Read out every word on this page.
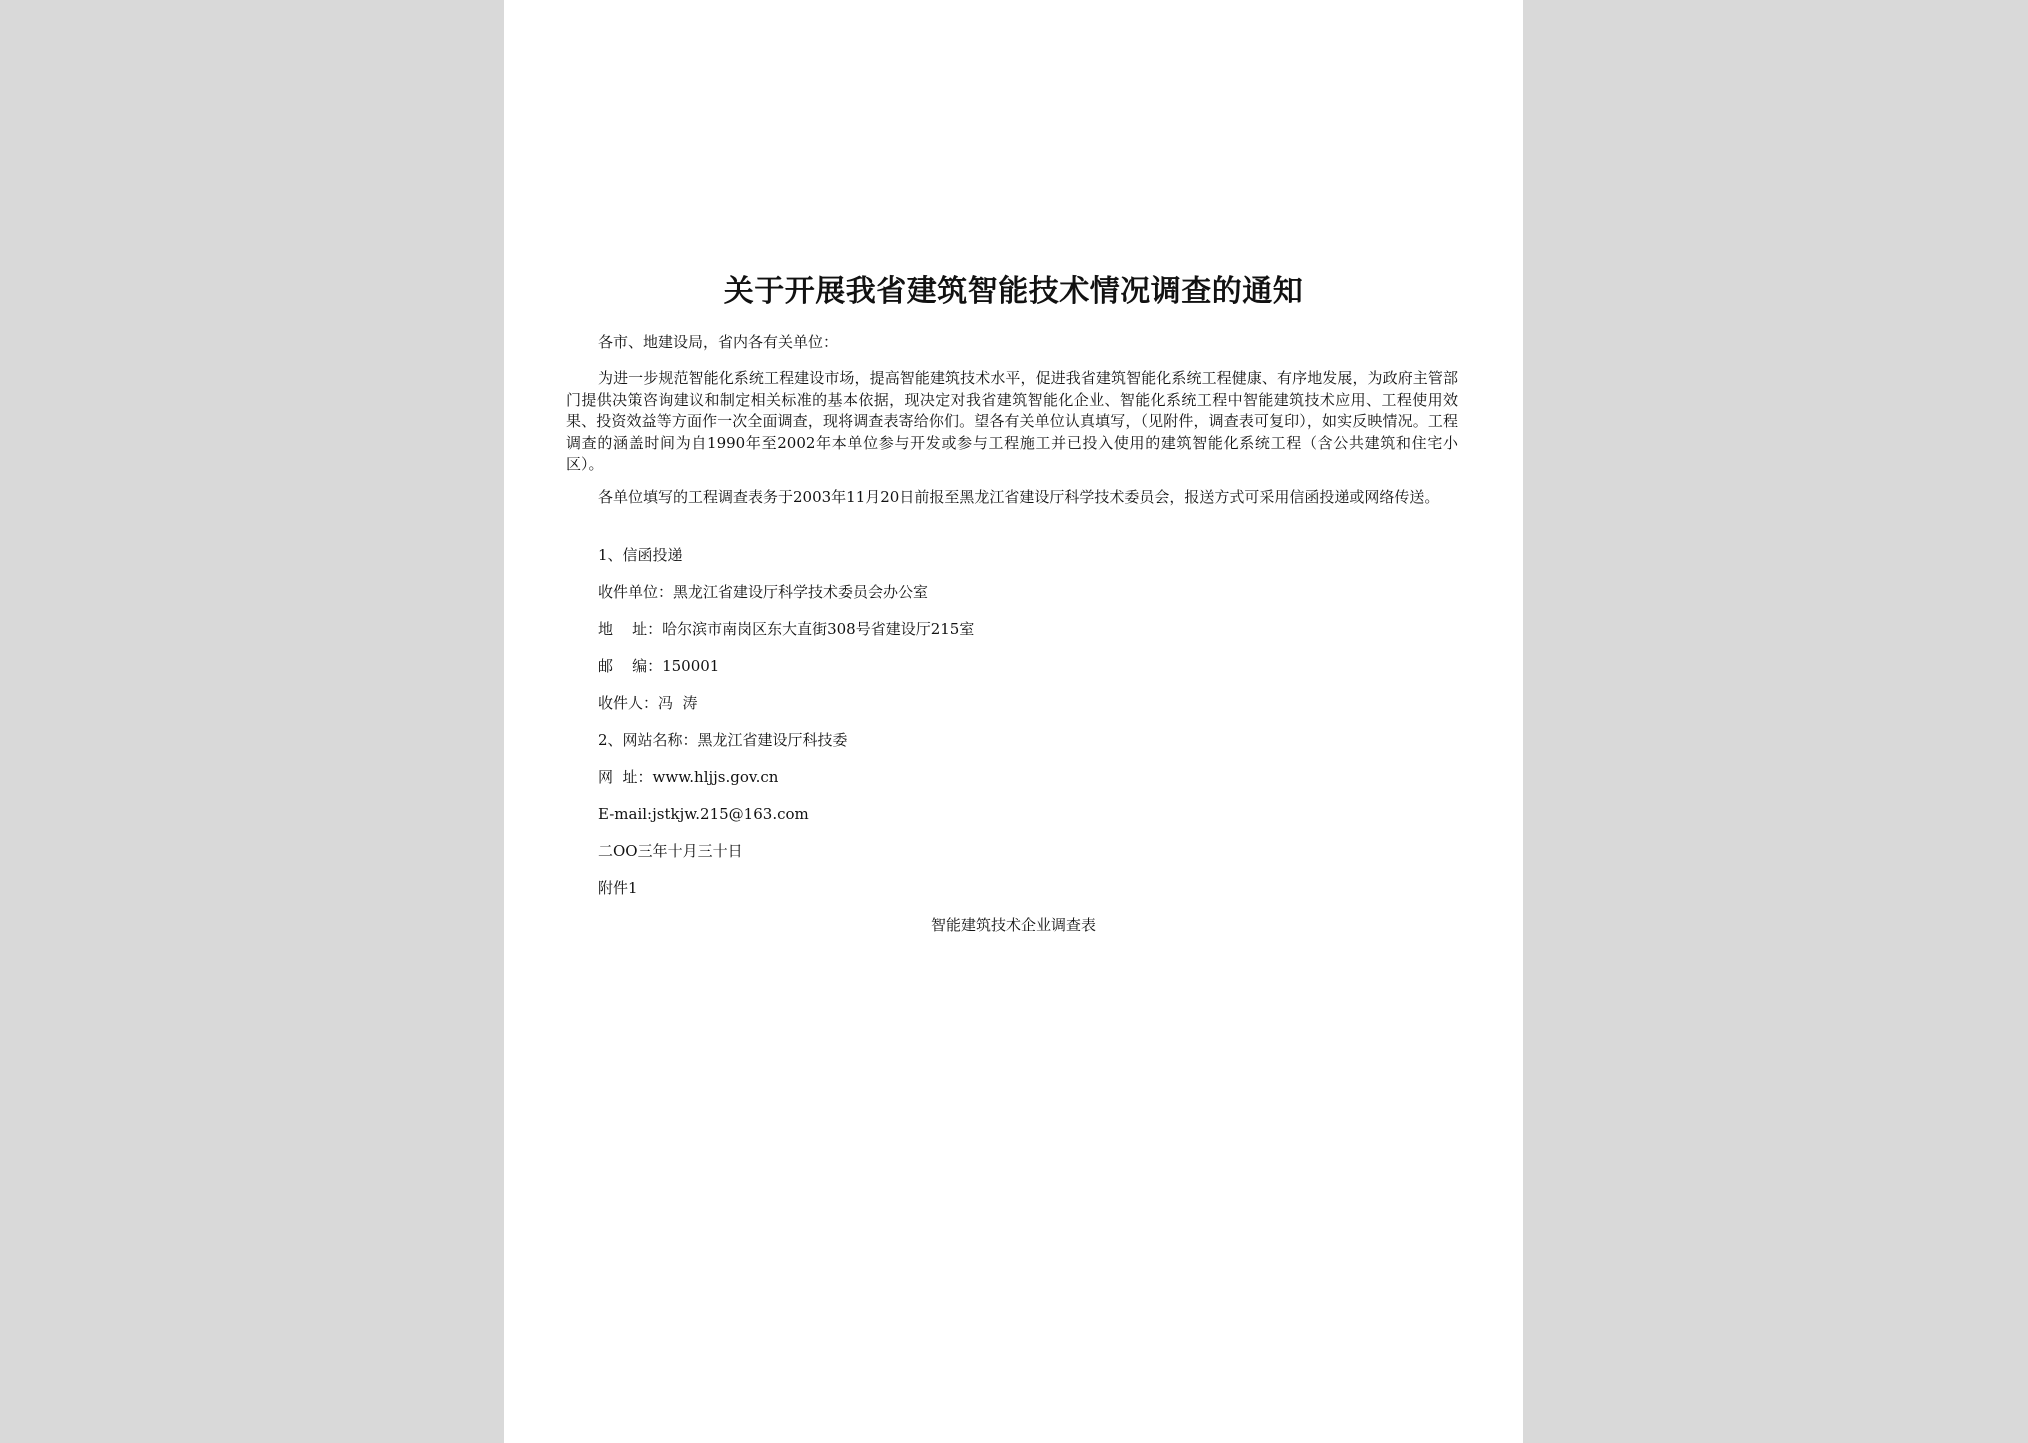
关于开展我省建筑智能技术情况调查的通知

各市、地建设局，省内各有关单位：

为进一步规范智能化系统工程建设市场，提高智能建筑技术水平，促进我省建筑智能化系统工程健康、有序地发展，为政府主管部门提供决策咨询建议和制定相关标准的基本依据，现决定对我省建筑智能化企业、智能化系统工程中智能建筑技术应用、工程使用效果、投资效益等方面作一次全面调查，现将调查表寄给你们。望各有关单位认真填写，（见附件，调查表可复印），如实反映情况。工程调查的涵盖时间为自1990年至2002年本单位参与开发或参与工程施工并已投入使用的建筑智能化系统工程（含公共建筑和住宅小区）。

各单位填写的工程调查表务于2003年11月20日前报至黑龙江省建设厅科学技术委员会，报送方式可采用信函投递或网络传送。

1、信函投递

收件单位：黑龙江省建设厅科学技术委员会办公室

地    址：哈尔滨市南岗区东大直街308号省建设厅215室

邮    编：150001

收件人：冯  涛

2、网站名称：黑龙江省建设厅科技委

网  址：www.hljjs.gov.cn

E-mail:jstkjw.215@163.com

二OO三年十月三十日

附件1

智能建筑技术企业调查表
